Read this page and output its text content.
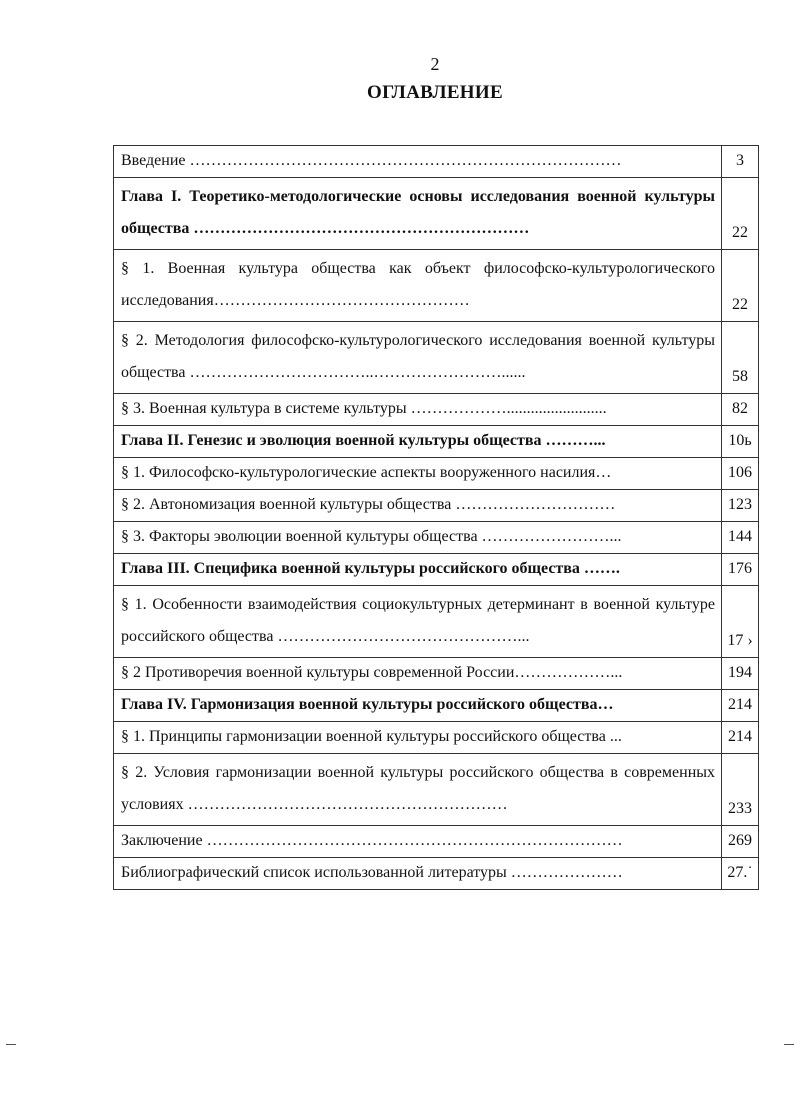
2
ОГЛАВЛЕНИЕ
Введение ………………………………………………………………………	3
Глава I. Теоретико-методологические основы исследования военной культуры общества ………………………………………………………	22
§ 1. Военная культура общества как объект философско-культурологического исследования…………………………………………	22
§ 2. Методология философско-культурологического исследования военной культуры общества ……………………………..……………………......	58
§ 3. Военная культура в системе культуры ……………….........................	82
Глава II. Генезис и эволюция военной культуры общества ………...	10ь
§ 1. Философско-культурологические аспекты вооруженного насилия…	106
§ 2. Автономизация военной культуры общества …………………………	123
§ 3. Факторы эволюции военной культуры общества ……………………...	144
Глава III. Специфика военной культуры российского общества …….	176
§ 1. Особенности взаимодействия социокультурных детерминант в военной культуре российского общества ………………………………………...	17 ›
§ 2 Противоречия военной культуры современной России………………...	194
Глава IV. Гармонизация военной культуры российского общества…	214
§ 1. Принципы гармонизации военной культуры российского общества ...	214
§ 2. Условия гармонизации военной культуры российского общества в современных условиях ……………………………………………………	233
Заключение ……………………………………………………………………	269
Библиографический список использованной литературы …………………	27.˙
